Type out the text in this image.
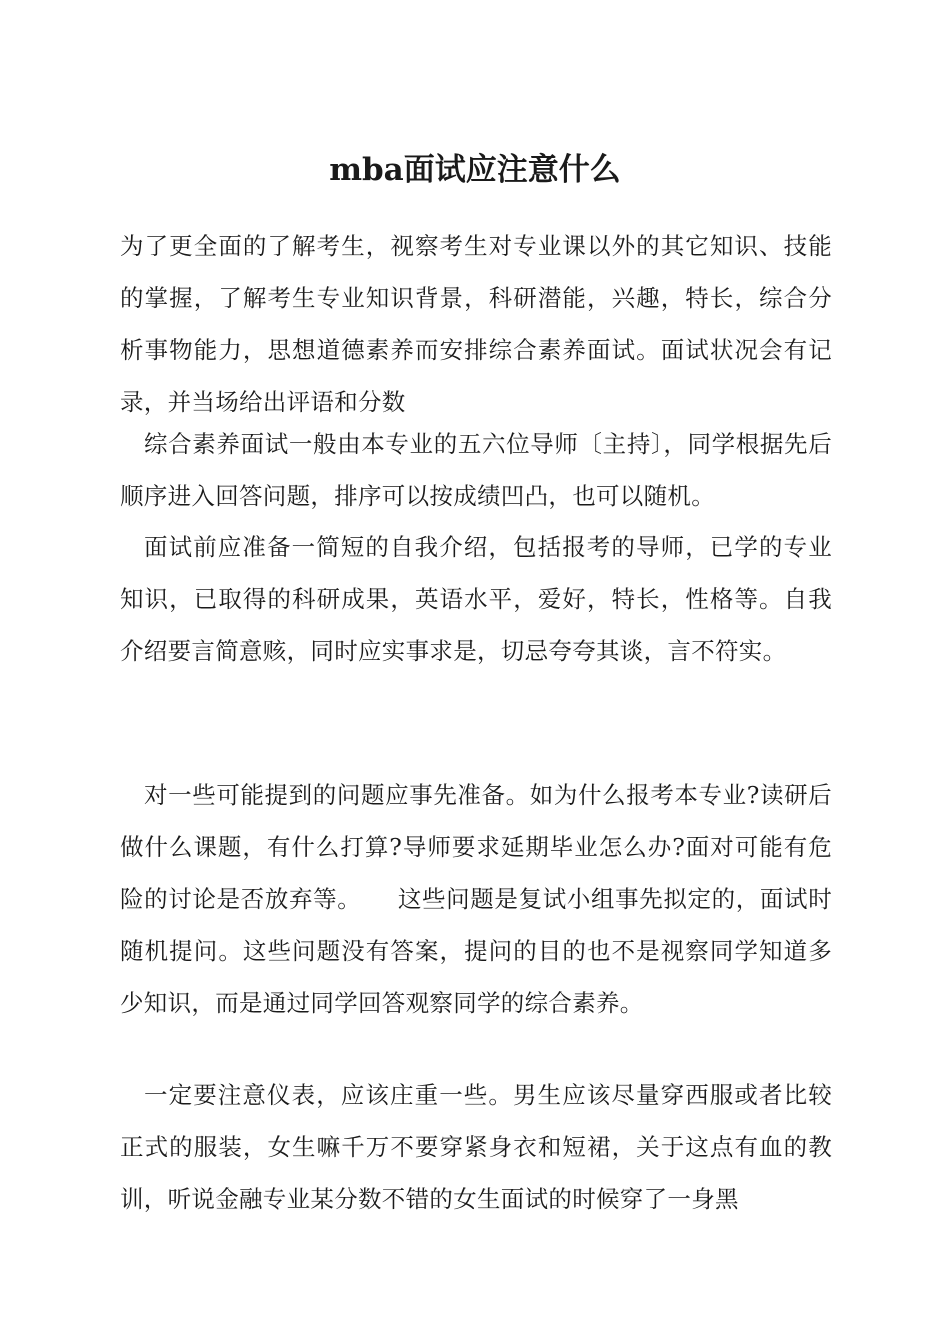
mba面试应注意什么

为了更全面的了解考生，视察考生对专业课以外的其它知识、技能的掌握，了解考生专业知识背景，科研潜能，兴趣，特长，综合分析事物能力，思想道德素养而安排综合素养面试。面试状况会有记录，并当场给出评语和分数

综合素养面试一般由本专业的五六位导师〔主持〕，同学根据先后顺序进入回答问题，排序可以按成绩凹凸，也可以随机。

面试前应准备一简短的自我介绍，包括报考的导师，已学的专业知识，已取得的科研成果，英语水平，爱好，特长，性格等。自我介绍要言简意赅，同时应实事求是，切忌夸夸其谈，言不符实。

对一些可能提到的问题应事先准备。如为什么报考本专业?读研后做什么课题，有什么打算?导师要求延期毕业怎么办?面对可能有危险的讨论是否放弃等。　　这些问题是复试小组事先拟定的，面试时随机提问。这些问题没有答案，提问的目的也不是视察同学知道多少知识，而是通过同学回答观察同学的综合素养。

一定要注意仪表，应该庄重一些。男生应该尽量穿西服或者比较正式的服装，女生嘛千万不要穿紧身衣和短裙，关于这点有血的教训，听说金融专业某分数不错的女生面试的时候穿了一身黑
